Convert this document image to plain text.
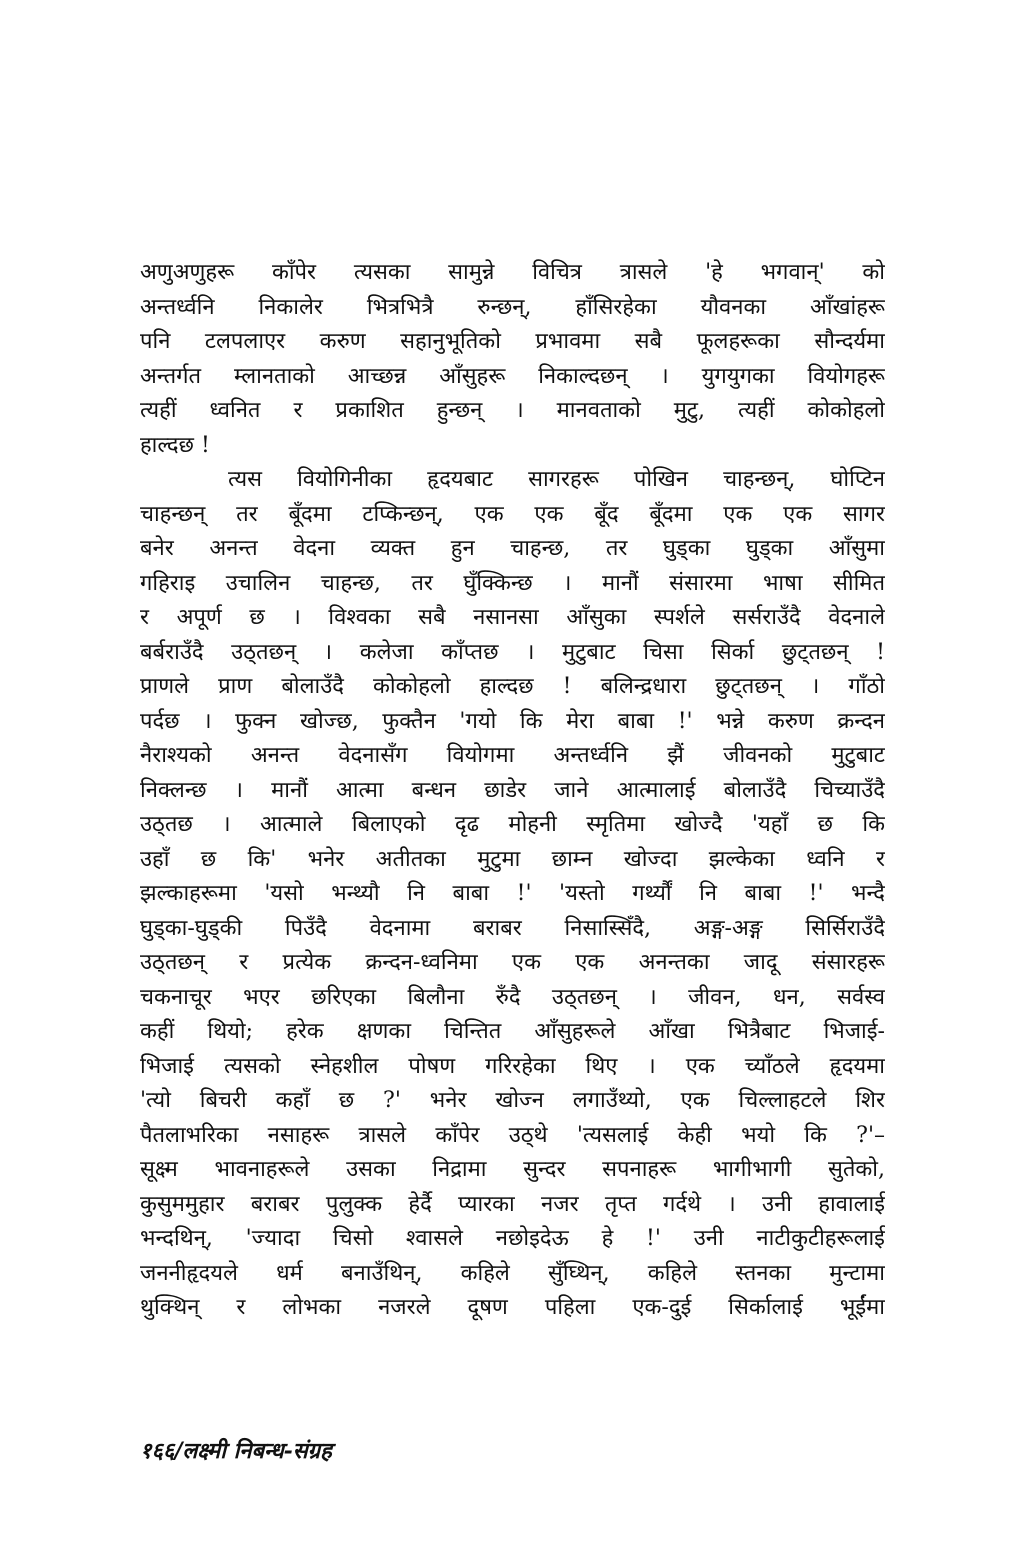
अणुअणुहरू काँपेर त्यसका सामुन्ने विचित्र त्रासले 'हे भगवान्' को
अन्तर्ध्वनि निकालेर भित्रभित्रै रुन्छन्, हाँसिरहेका यौवनका आँखांहरू
पनि टलपलाएर करुण सहानुभूतिको प्रभावमा सबै फूलहरूका सौन्दर्यमा
अन्तर्गत म्लानताको आच्छन्न आँसुहरू निकाल्दछन् । युगयुगका वियोगहरू
त्यहीं ध्वनित र प्रकाशित हुन्छन् । मानवताको मुटु, त्यहीं कोकोहलो
हाल्दछ !
त्यस वियोगिनीका हृदयबाट सागरहरू पोखिन चाहन्छन्, घोप्टिन
चाहन्छन् तर बूँदमा टप्किन्छन्, एक एक बूँद बूँदमा एक एक सागर
बनेर अनन्त वेदना व्यक्त हुन चाहन्छ, तर घुड्का घुड्का आँसुमा
गहिराइ उचालिन चाहन्छ, तर घुँक्किन्छ । मानौं संसारमा भाषा सीमित
र अपूर्ण छ । विश्वका सबै नसानसा आँसुका स्पर्शले सर्सराउँदै वेदनाले
बर्बराउँदै उठ्तछन् । कलेजा काँप्तछ । मुटुबाट चिसा सिर्का छुट्तछन् !
प्राणले प्राण बोलाउँदै कोकोहलो हाल्दछ ! बलिन्द्रधारा छुट्तछन् । गाँठो
पर्दछ । फुक्न खोज्छ, फुक्तैन 'गयो कि मेरा बाबा !' भन्ने करुण क्रन्दन
नैराश्यको अनन्त वेदनासँग वियोगमा अन्तर्ध्वनि झैं जीवनको मुटुबाट
निक्लन्छ । मानौं आत्मा बन्धन छाडेर जाने आत्मालाई बोलाउँदै चिच्याउँदै
उठ्तछ । आत्माले बिलाएको दृढ मोहनी स्मृतिमा खोज्दै 'यहाँ छ कि
उहाँ छ कि' भनेर अतीतका मुटुमा छाम्न खोज्दा झल्केका ध्वनि र
झल्काहरूमा 'यसो भन्थ्यौ नि बाबा !' 'यस्तो गर्थ्यौं नि बाबा !' भन्दै
घुड्का-घुड्की पिउँदै वेदनामा बराबर निसास्सिँदै, अङ्ग-अङ्ग सिर्सिराउँदै
उठ्तछन् र प्रत्येक क्रन्दन-ध्वनिमा एक एक अनन्तका जादू संसारहरू
चकनाचूर भएर छरिएका बिलौना रुँदै उठ्तछन् । जीवन, धन, सर्वस्व
कहीं थियो; हरेक क्षणका चिन्तित आँसुहरूले आँखा भित्रैबाट भिजाई-
भिजाई त्यसको स्नेहशील पोषण गरिरहेका थिए । एक च्याँठले हृदयमा
'त्यो बिचरी कहाँ छ ?' भनेर खोज्न लगाउँथ्यो, एक चिल्लाहटले शिर
पैतलाभरिका नसाहरू त्रासले काँपेर उठ्थे 'त्यसलाई केही भयो कि ?'–
सूक्ष्म भावनाहरूले उसका निद्रामा सुन्दर सपनाहरू भागीभागी सुतेको,
कुसुममुहार बराबर पुलुक्क हेर्दै प्यारका नजर तृप्त गर्दथे । उनी हावालाई
भन्दथिन्, 'ज्यादा चिसो श्वासले नछोइदेऊ हे !' उनी नाटीकुटीहरूलाई
जननीहृदयले धर्म बनाउँथिन्, कहिले सुँघ्थिन्, कहिले स्तनका मुन्टामा
थुक्थिन् र लोभका नजरले दूषण पहिला एक-दुई सिर्कालाई भूईंमा
१६६/लक्ष्मी निबन्ध-संग्रह
